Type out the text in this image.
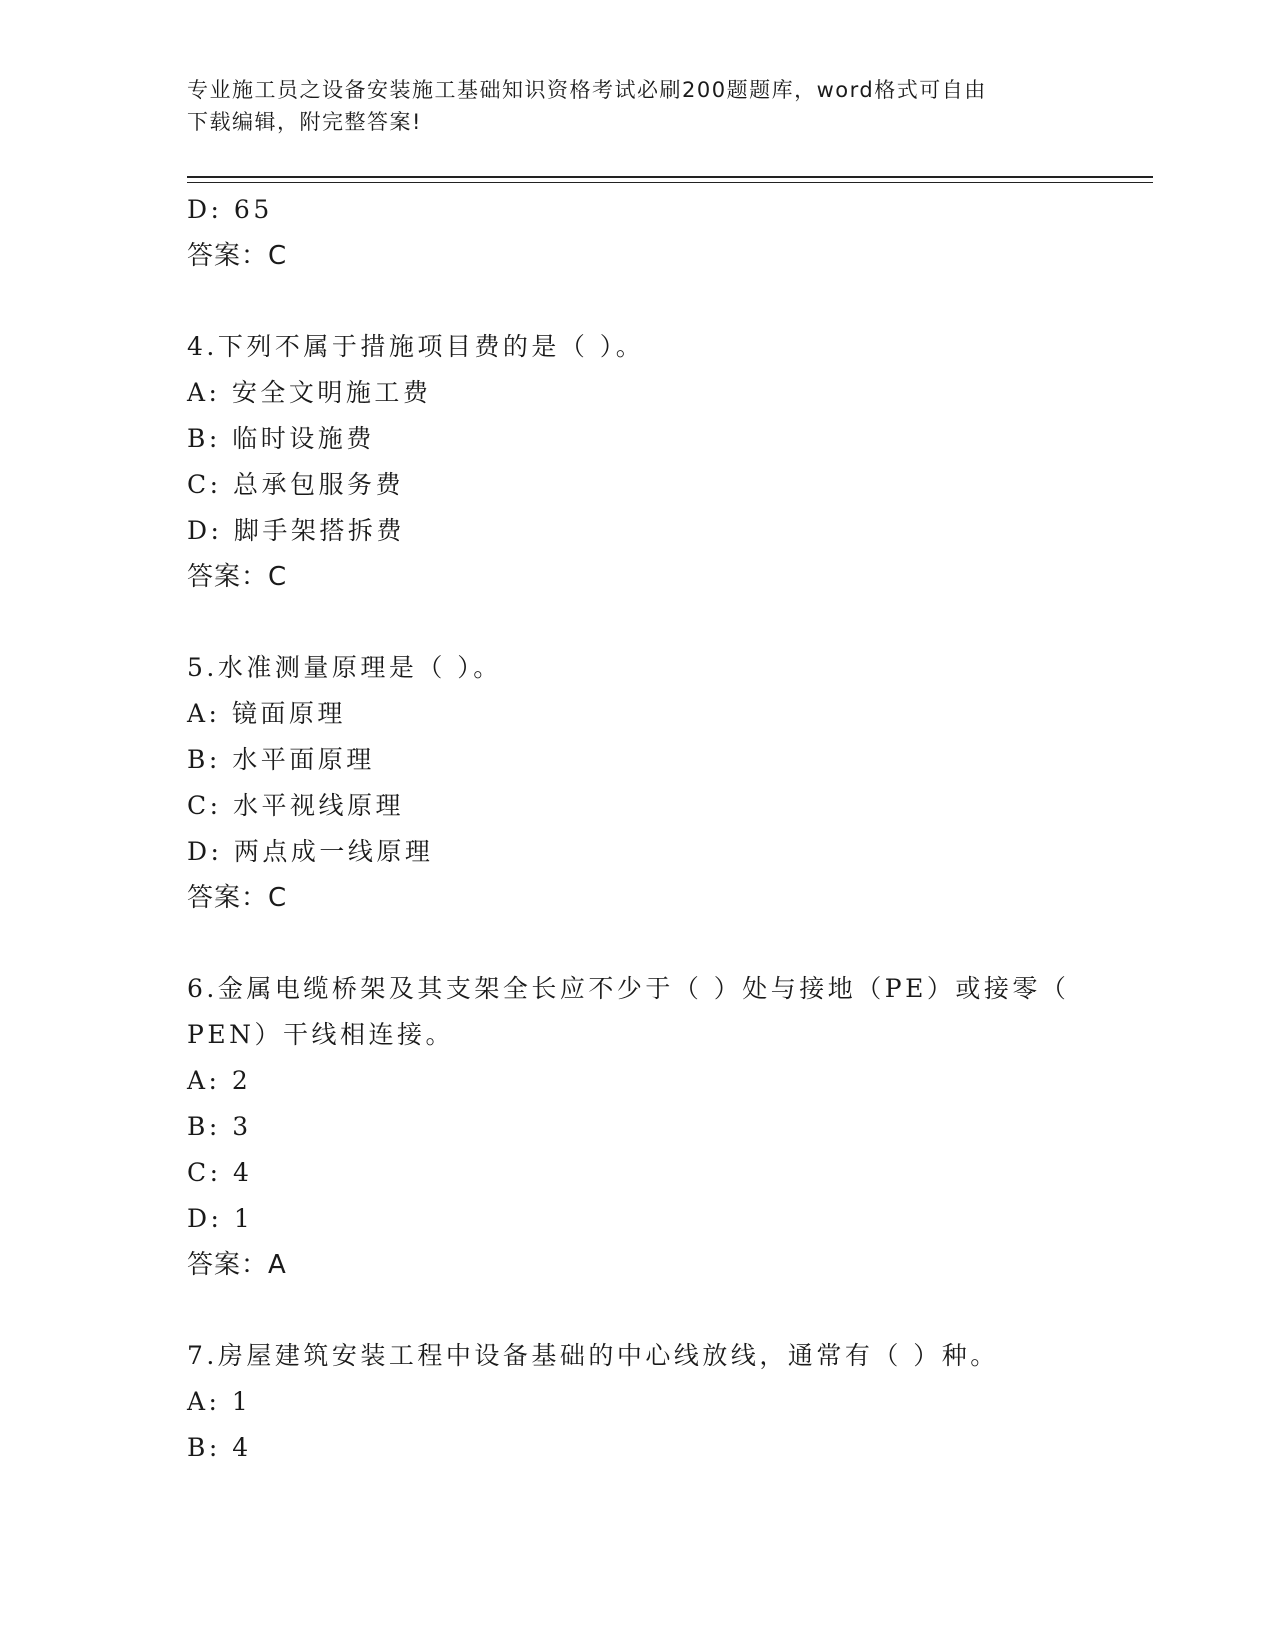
专业施工员之设备安装施工基础知识资格考试必刷200题题库，word格式可自由
下载编辑，附完整答案!
D: 65
答案：C
4.下列不属于措施项目费的是（ ）。
A: 安全文明施工费
B: 临时设施费
C: 总承包服务费
D: 脚手架搭拆费
答案：C
5.水准测量原理是（ ）。
A: 镜面原理
B: 水平面原理
C: 水平视线原理
D: 两点成一线原理
答案：C
6.金属电缆桥架及其支架全长应不少于（ ）处与接地（PE）或接零（
PEN）干线相连接。
A: 2
B: 3
C: 4
D: 1
答案：A
7.房屋建筑安装工程中设备基础的中心线放线，通常有（ ）种。
A: 1
B: 4
